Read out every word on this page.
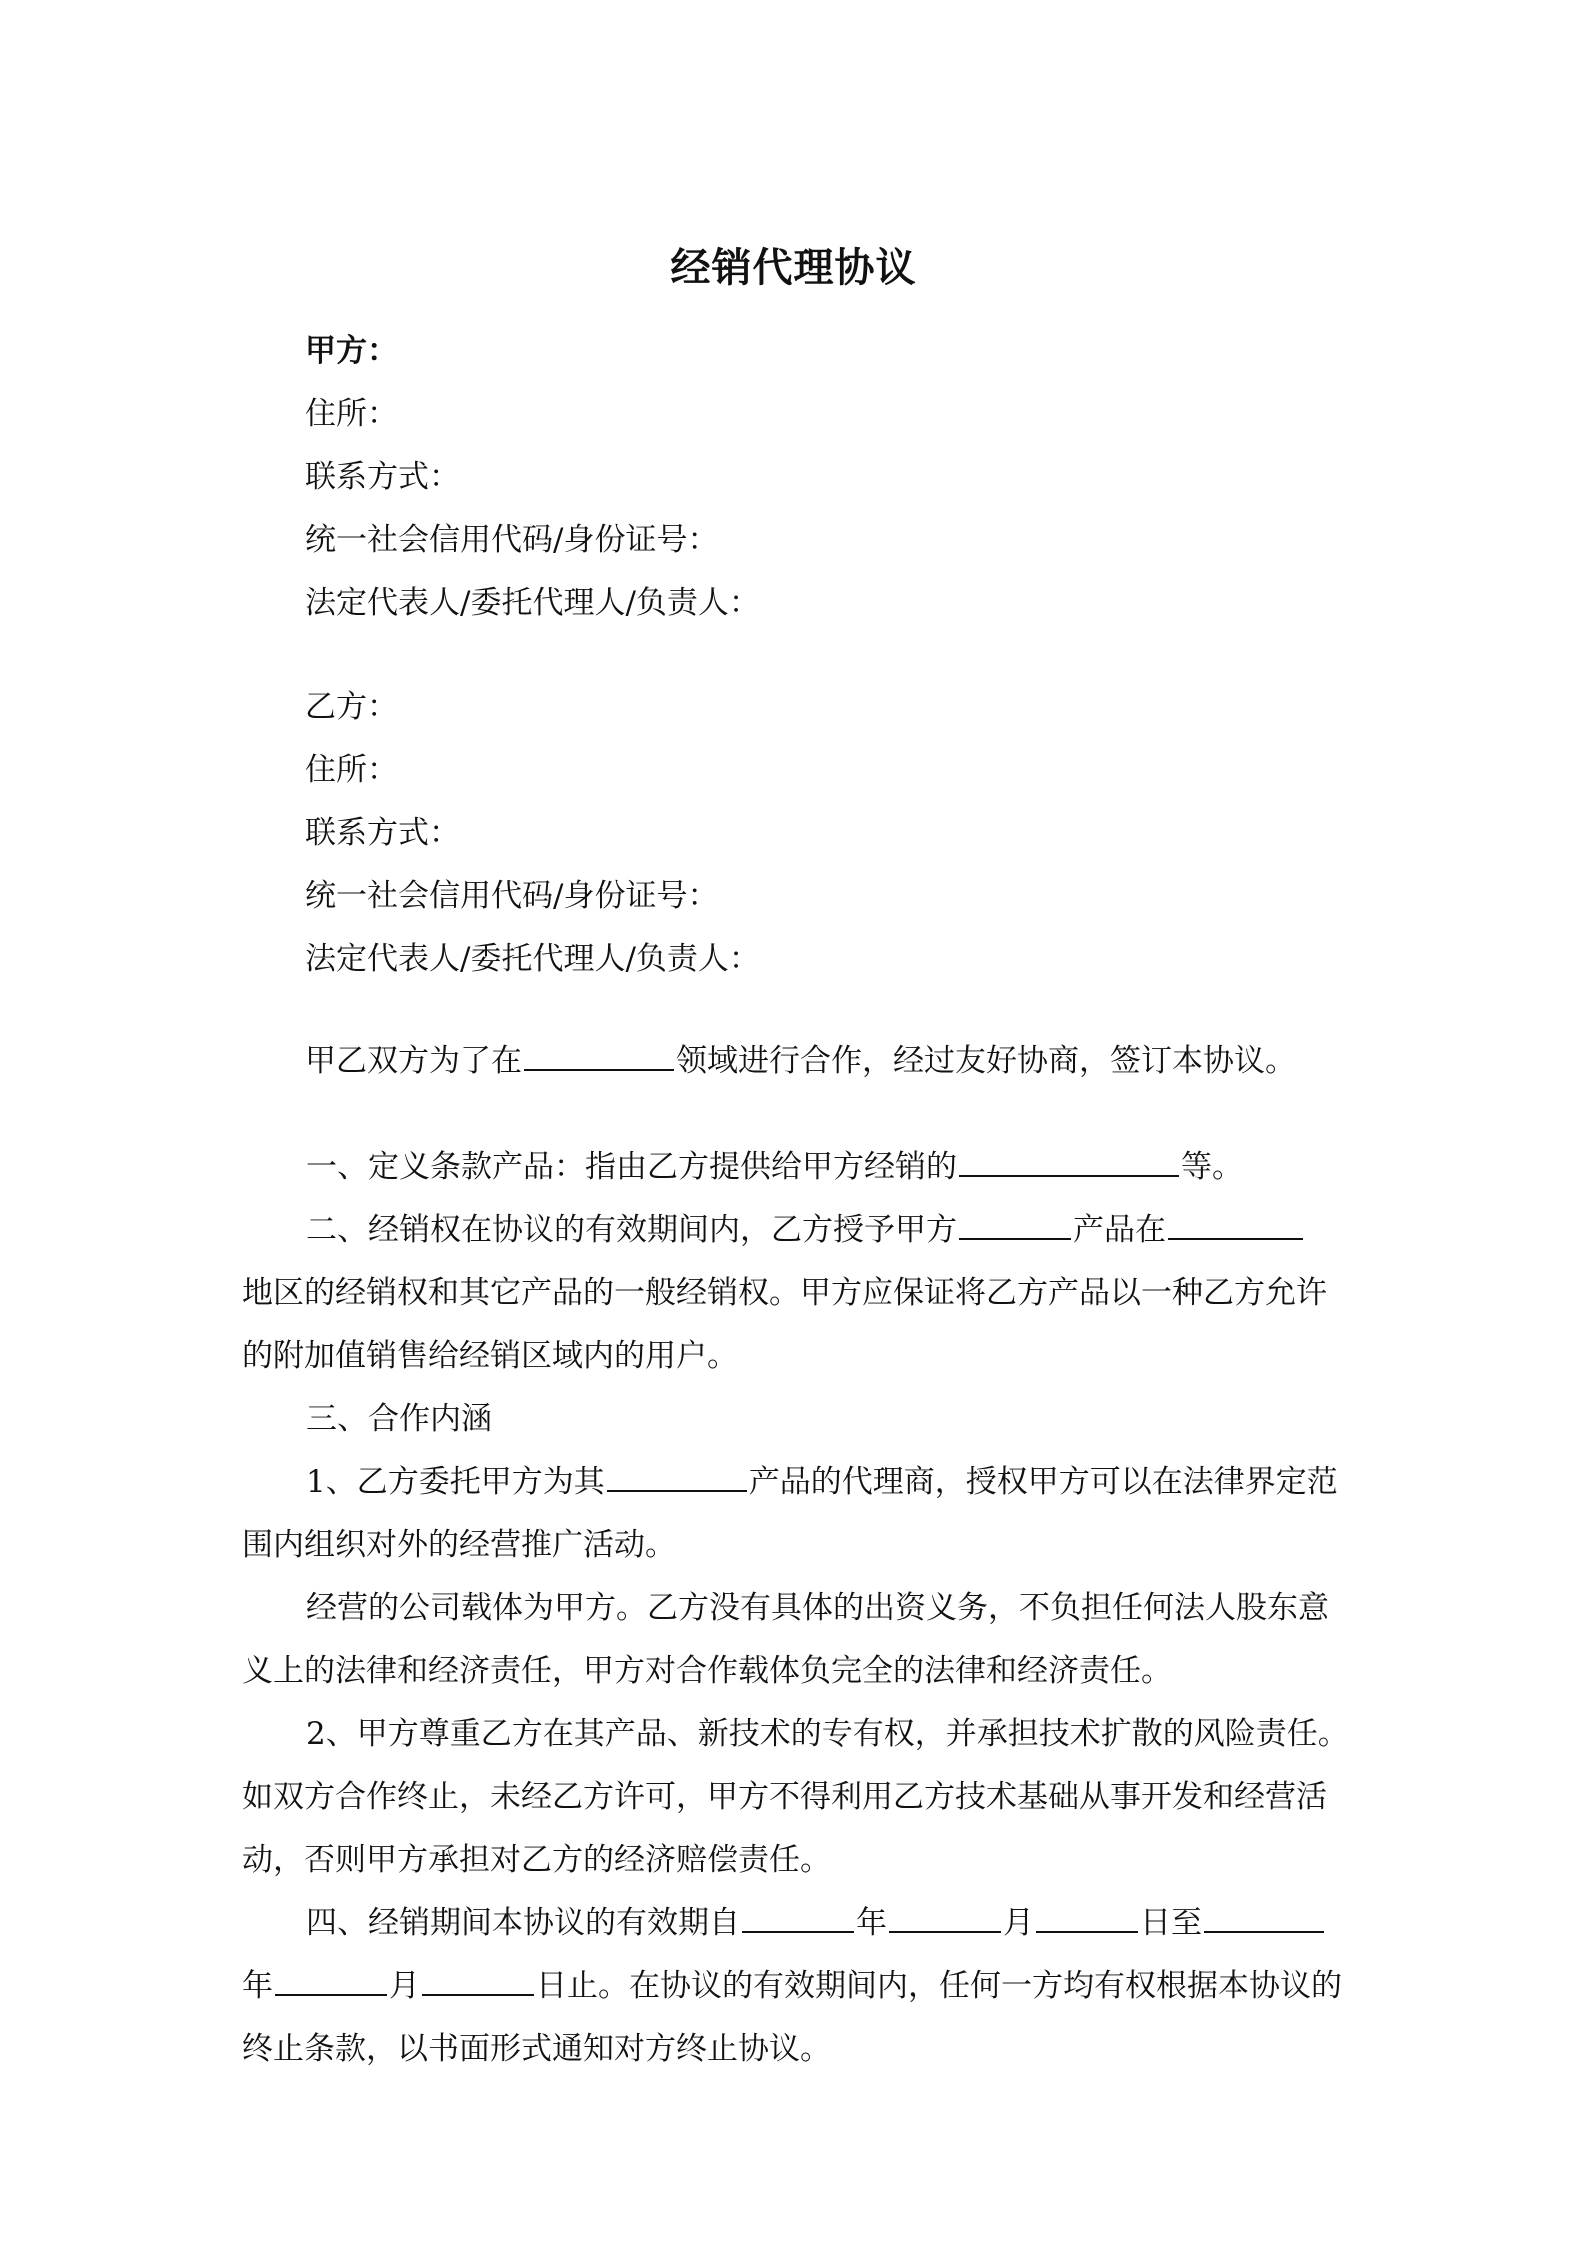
经销代理协议
甲方：
住所：
联系方式：
统一社会信用代码/身份证号：
法定代表人/委托代理人/负责人：
乙方：
住所：
联系方式：
统一社会信用代码/身份证号：
法定代表人/委托代理人/负责人：
甲乙双方为了在	领域进行合作，经过友好协商，签订本协议。
一、定义条款产品：指由乙方提供给甲方经销的	等。
二、经销权在协议的有效期间内，乙方授予甲方	产品在
地区的经销权和其它产品的一般经销权。甲方应保证将乙方产品以一种乙方允许
的附加值销售给经销区域内的用户。
三、合作内涵
1、乙方委托甲方为其	产品的代理商，授权甲方可以在法律界定范
围内组织对外的经营推广活动。
经营的公司载体为甲方。乙方没有具体的出资义务，不负担任何法人股东意
义上的法律和经济责任，甲方对合作载体负完全的法律和经济责任。
2、甲方尊重乙方在其产品、新技术的专有权，并承担技术扩散的风险责任。
如双方合作终止，未经乙方许可，甲方不得利用乙方技术基础从事开发和经营活
动，否则甲方承担对乙方的经济赔偿责任。
四、经销期间本协议的有效期自	年	月	日至
年	月	日止。在协议的有效期间内，任何一方均有权根据本协议的
终止条款，以书面形式通知对方终止协议。
